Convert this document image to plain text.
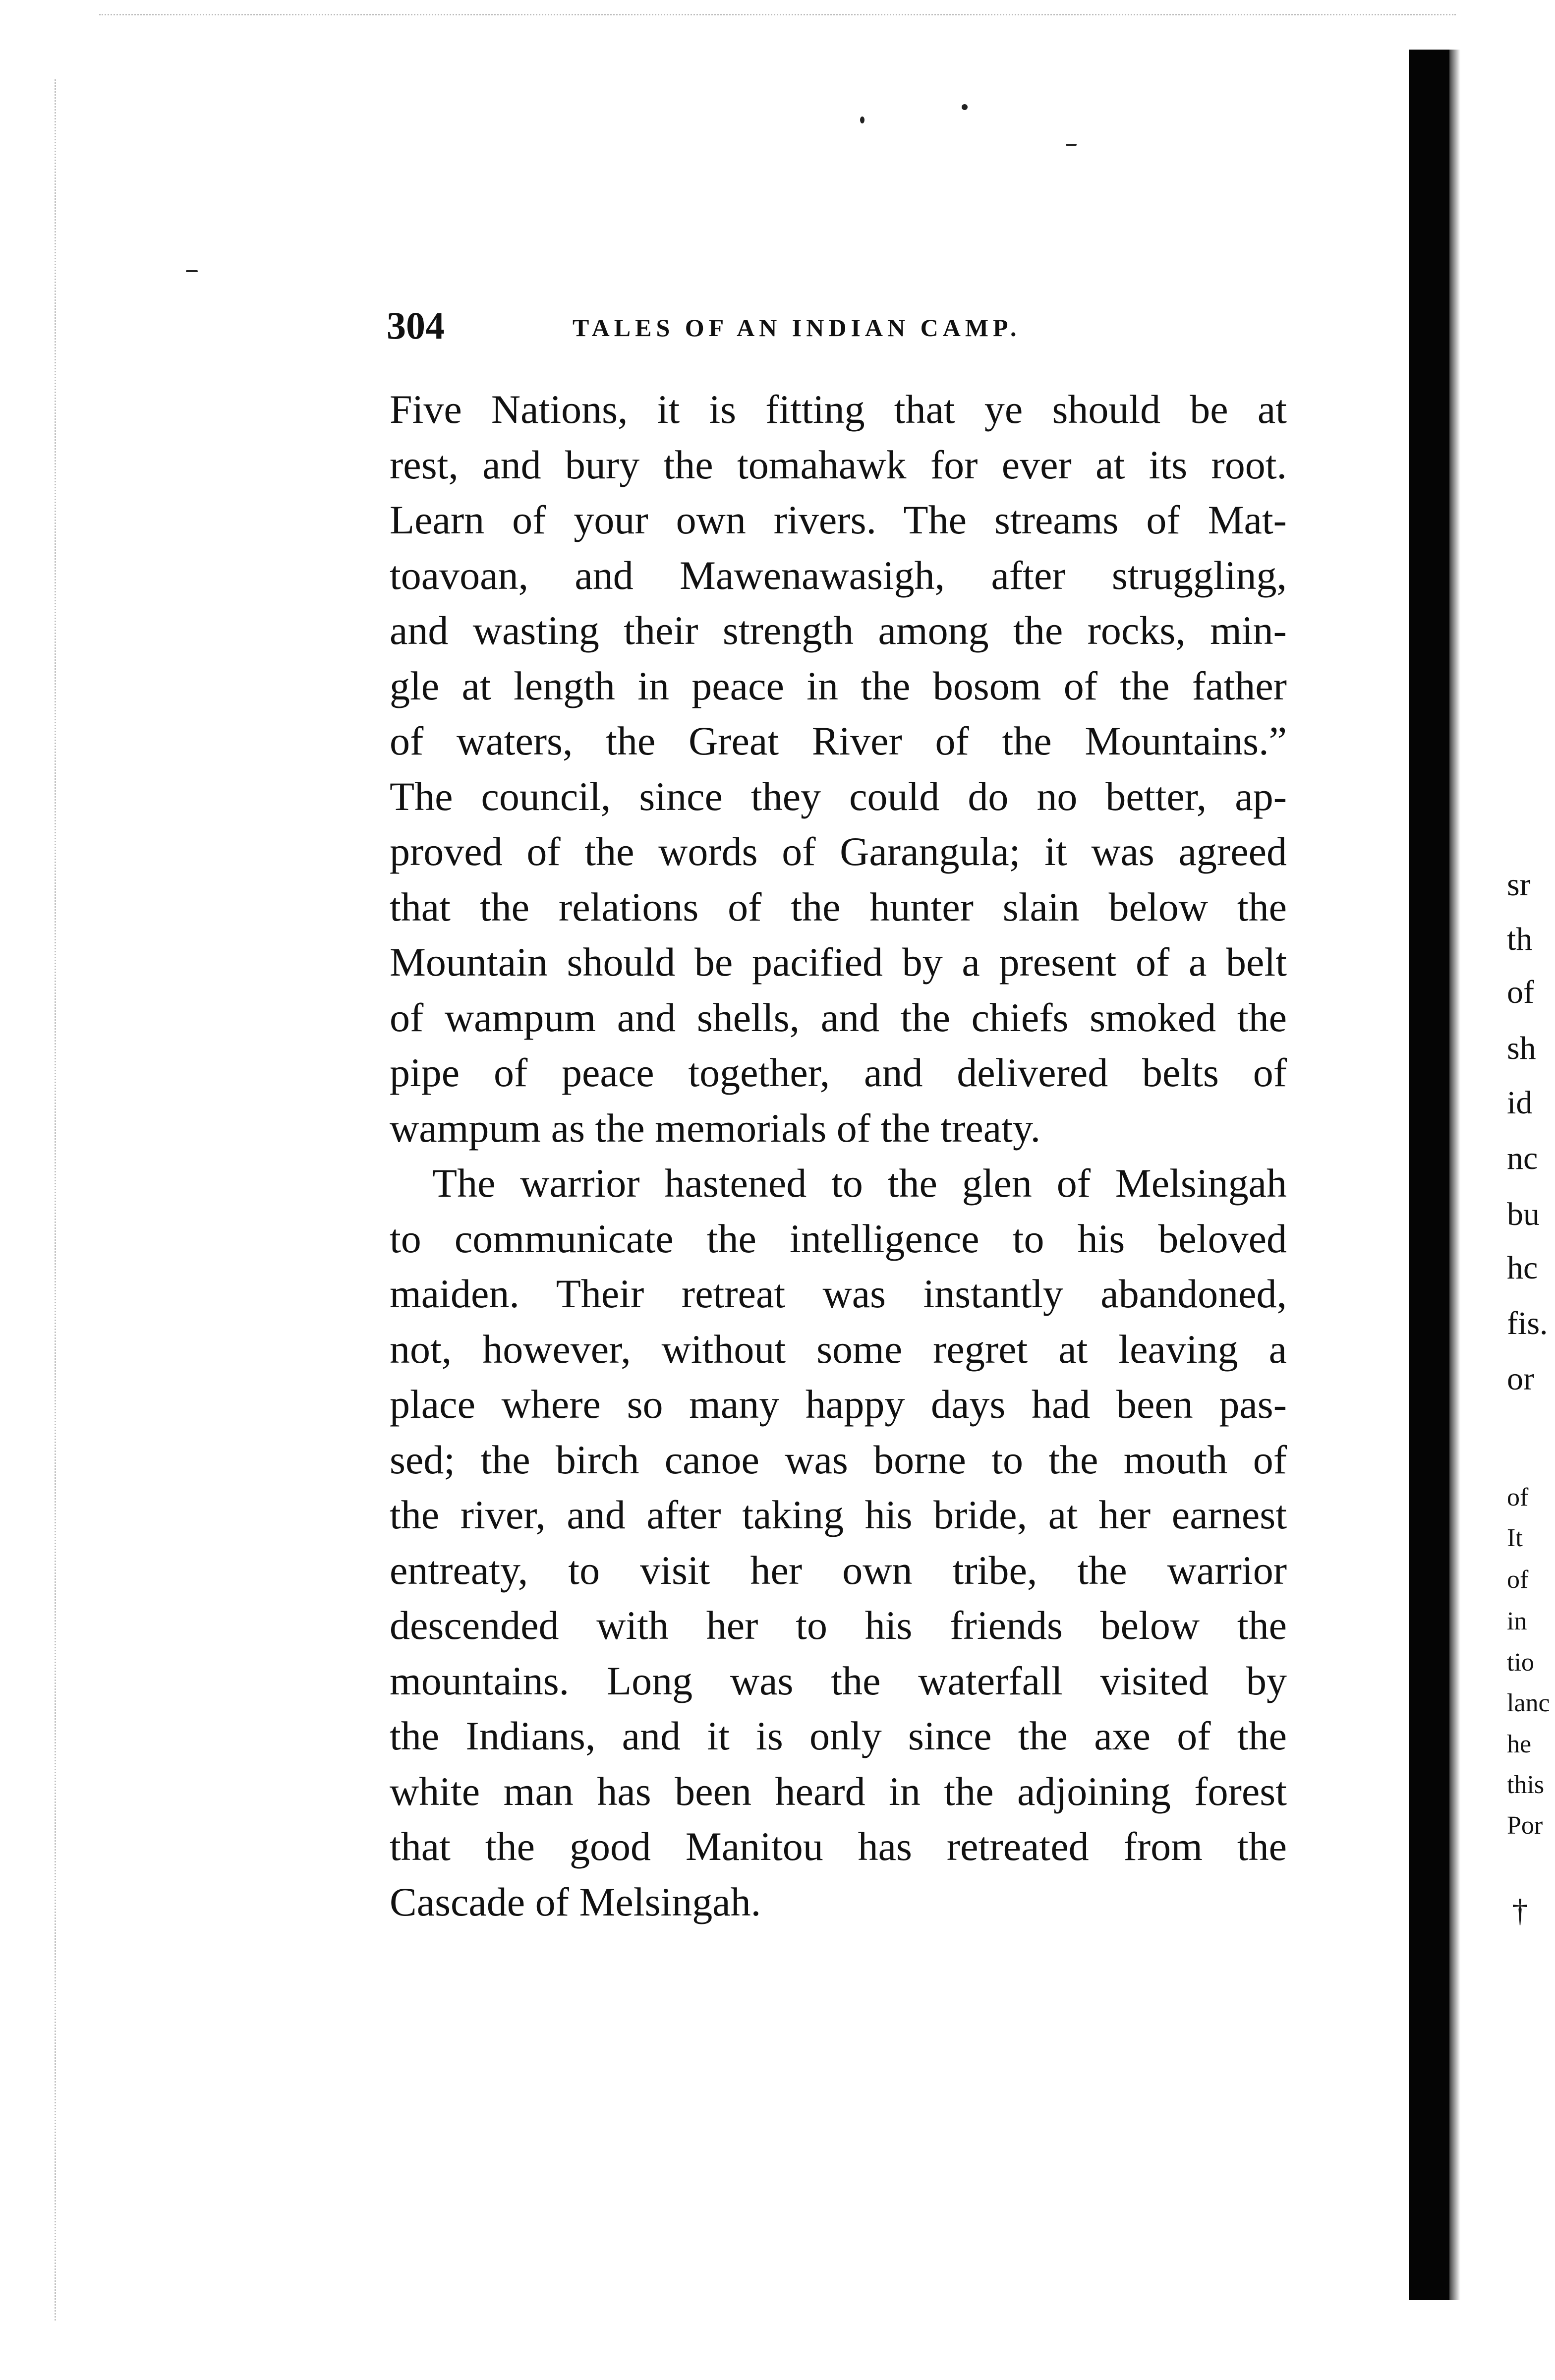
304	TALES OF AN INDIAN CAMP.
Five Nations, it is fitting that ye should be at
rest, and bury the tomahawk for ever at its root.
Learn of your own rivers. The streams of Mat-
toavoan, and Mawenawasigh, after struggling,
and wasting their strength among the rocks, min-
gle at length in peace in the bosom of the father
of waters, the Great River of the Mountains.”
The council, since they could do no better, ap-
proved of the words of Garangula; it was agreed
that the relations of the hunter slain below the
Mountain should be pacified by a present of a belt
of wampum and shells, and the chiefs smoked the
pipe of peace together, and delivered belts of
wampum as the memorials of the treaty.
The warrior hastened to the glen of Melsingah
to communicate the intelligence to his beloved
maiden. Their retreat was instantly abandoned,
not, however, without some regret at leaving a
place where so many happy days had been pas-
sed; the birch canoe was borne to the mouth of
the river, and after taking his bride, at her earnest
entreaty, to visit her own tribe, the warrior
descended with her to his friends below the
mountains. Long was the waterfall visited by
the Indians, and it is only since the axe of the
white man has been heard in the adjoining forest
that the good Manitou has retreated from the
Cascade of Melsingah.
sr
th
of
sh
id
nc
bu
hc
fis.
or
of
It
of
in
tio
lanc
he
this
Por
†
